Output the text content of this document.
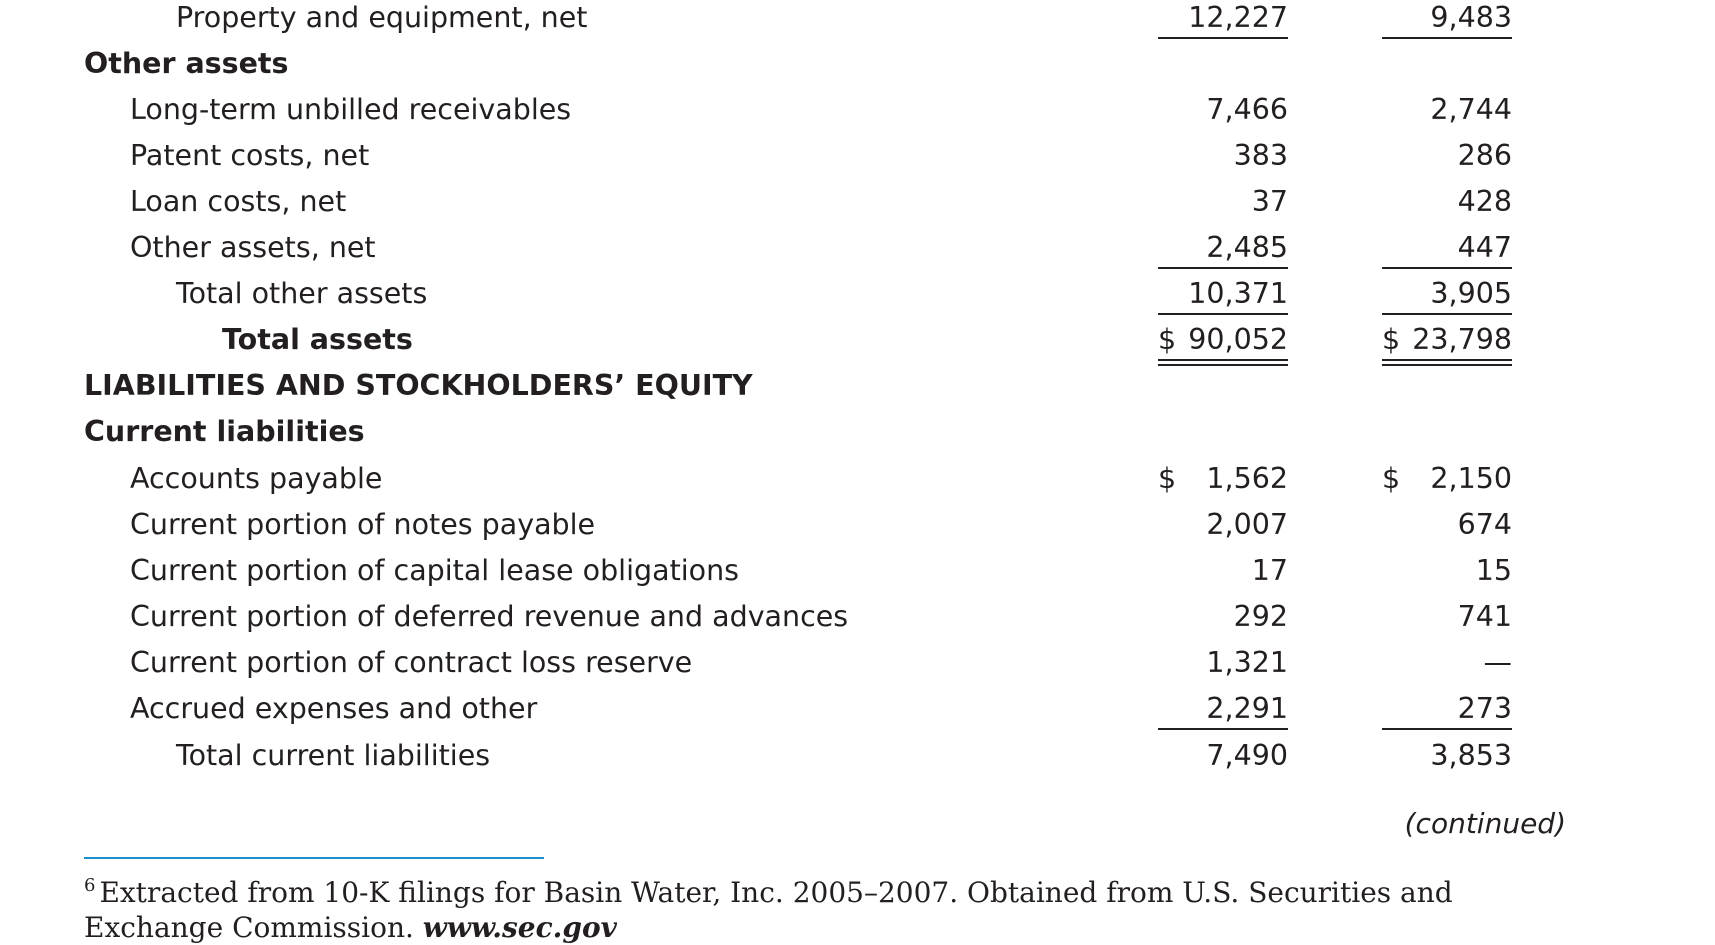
Property and equipment, net	12,227	9,483
Other assets
Long-term unbilled receivables	7,466	2,744
Patent costs, net	383	286
Loan costs, net	37	428
Other assets, net	2,485	447
Total other assets	10,371	3,905
Total assets	$ 90,052	$ 23,798
LIABILITIES AND STOCKHOLDERS’ EQUITY
Current liabilities
Accounts payable	$ 1,562	$ 2,150
Current portion of notes payable	2,007	674
Current portion of capital lease obligations	17	15
Current portion of deferred revenue and advances	292	741
Current portion of contract loss reserve	1,321	—
Accrued expenses and other	2,291	273
Total current liabilities	7,490	3,853
(continued)
$^6$ Extracted from 10-K filings for Basin Water, Inc. 2005–2007. Obtained from U.S. Securities and Exchange Commission. www.sec.gov
